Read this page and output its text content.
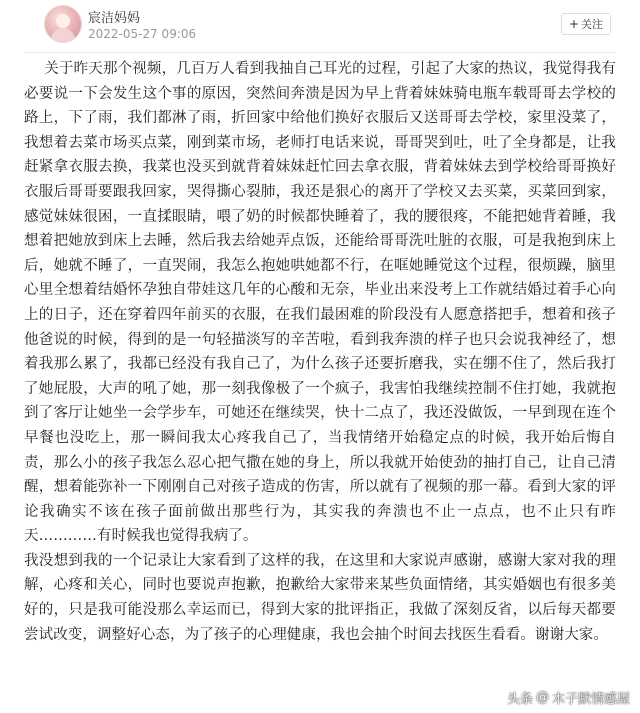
宸洁妈妈
2022-05-27 09:06
+ 关注

关于昨天那个视频，几百万人看到我抽自己耳光的过程，引起了大家的热议，我觉得我有必要说一下会发生这个事的原因，突然间奔溃是因为早上背着妹妹骑电瓶车载哥哥去学校的路上，下了雨，我们都淋了雨，折回家中给他们换好衣服后又送哥哥去学校，家里没菜了，我想着去菜市场买点菜，刚到菜市场，老师打电话来说，哥哥哭到吐，吐了全身都是，让我赶紧拿衣服去换，我菜也没买到就背着妹妹赶忙回去拿衣服，背着妹妹去到学校给哥哥换好衣服后哥哥要跟我回家，哭得撕心裂肺，我还是狠心的离开了学校又去买菜，买菜回到家，感觉妹妹很困，一直揉眼睛，喂了奶的时候都快睡着了，我的腰很疼，不能把她背着睡，我想着把她放到床上去睡，然后我去给她弄点饭，还能给哥哥洗吐脏的衣服，可是我抱到床上后，她就不睡了，一直哭闹，我怎么抱她哄她都不行，在哐她睡觉这个过程，很烦躁，脑里心里全想着结婚怀孕独自带娃这几年的心酸和无奈，毕业出来没考上工作就结婚过着手心向上的日子，还在穿着四年前买的衣服，在我们最困难的阶段没有人愿意搭把手，想着和孩子他爸说的时候，得到的是一句轻描淡写的辛苦啦，看到我奔溃的样子也只会说我神经了，想着我那么累了，我都已经没有我自己了，为什么孩子还要折磨我，实在绷不住了，然后我打了她屁股，大声的吼了她，那一刻我像极了一个疯子，我害怕我继续控制不住打她，我就抱到了客厅让她坐一会学步车，可她还在继续哭，快十二点了，我还没做饭，一早到现在连个早餐也没吃上，那一瞬间我太心疼我自己了，当我情绪开始稳定点的时候，我开始后悔自责，那么小的孩子我怎么忍心把气撒在她的身上，所以我就开始使劲的抽打自己，让自己清醒，想着能弥补一下刚刚自己对孩子造成的伤害，所以就有了视频的那一幕。看到大家的评论我确实不该在孩子面前做出那些行为，其实我的奔溃也不止一点点，也不止只有昨天…………有时候我也觉得我病了。

我没想到我的一个记录让大家看到了这样的我，在这里和大家说声感谢，感谢大家对我的理解，心疼和关心，同时也要说声抱歉，抱歉给大家带来某些负面情绪，其实婚姻也有很多美好的，只是我可能没那么幸运而已，得到大家的批评指正，我做了深刻反省，以后每天都要尝试改变，调整好心态，为了孩子的心理健康，我也会抽个时间去找医生看看。谢谢大家。

头条 @ 木子默情感屋
